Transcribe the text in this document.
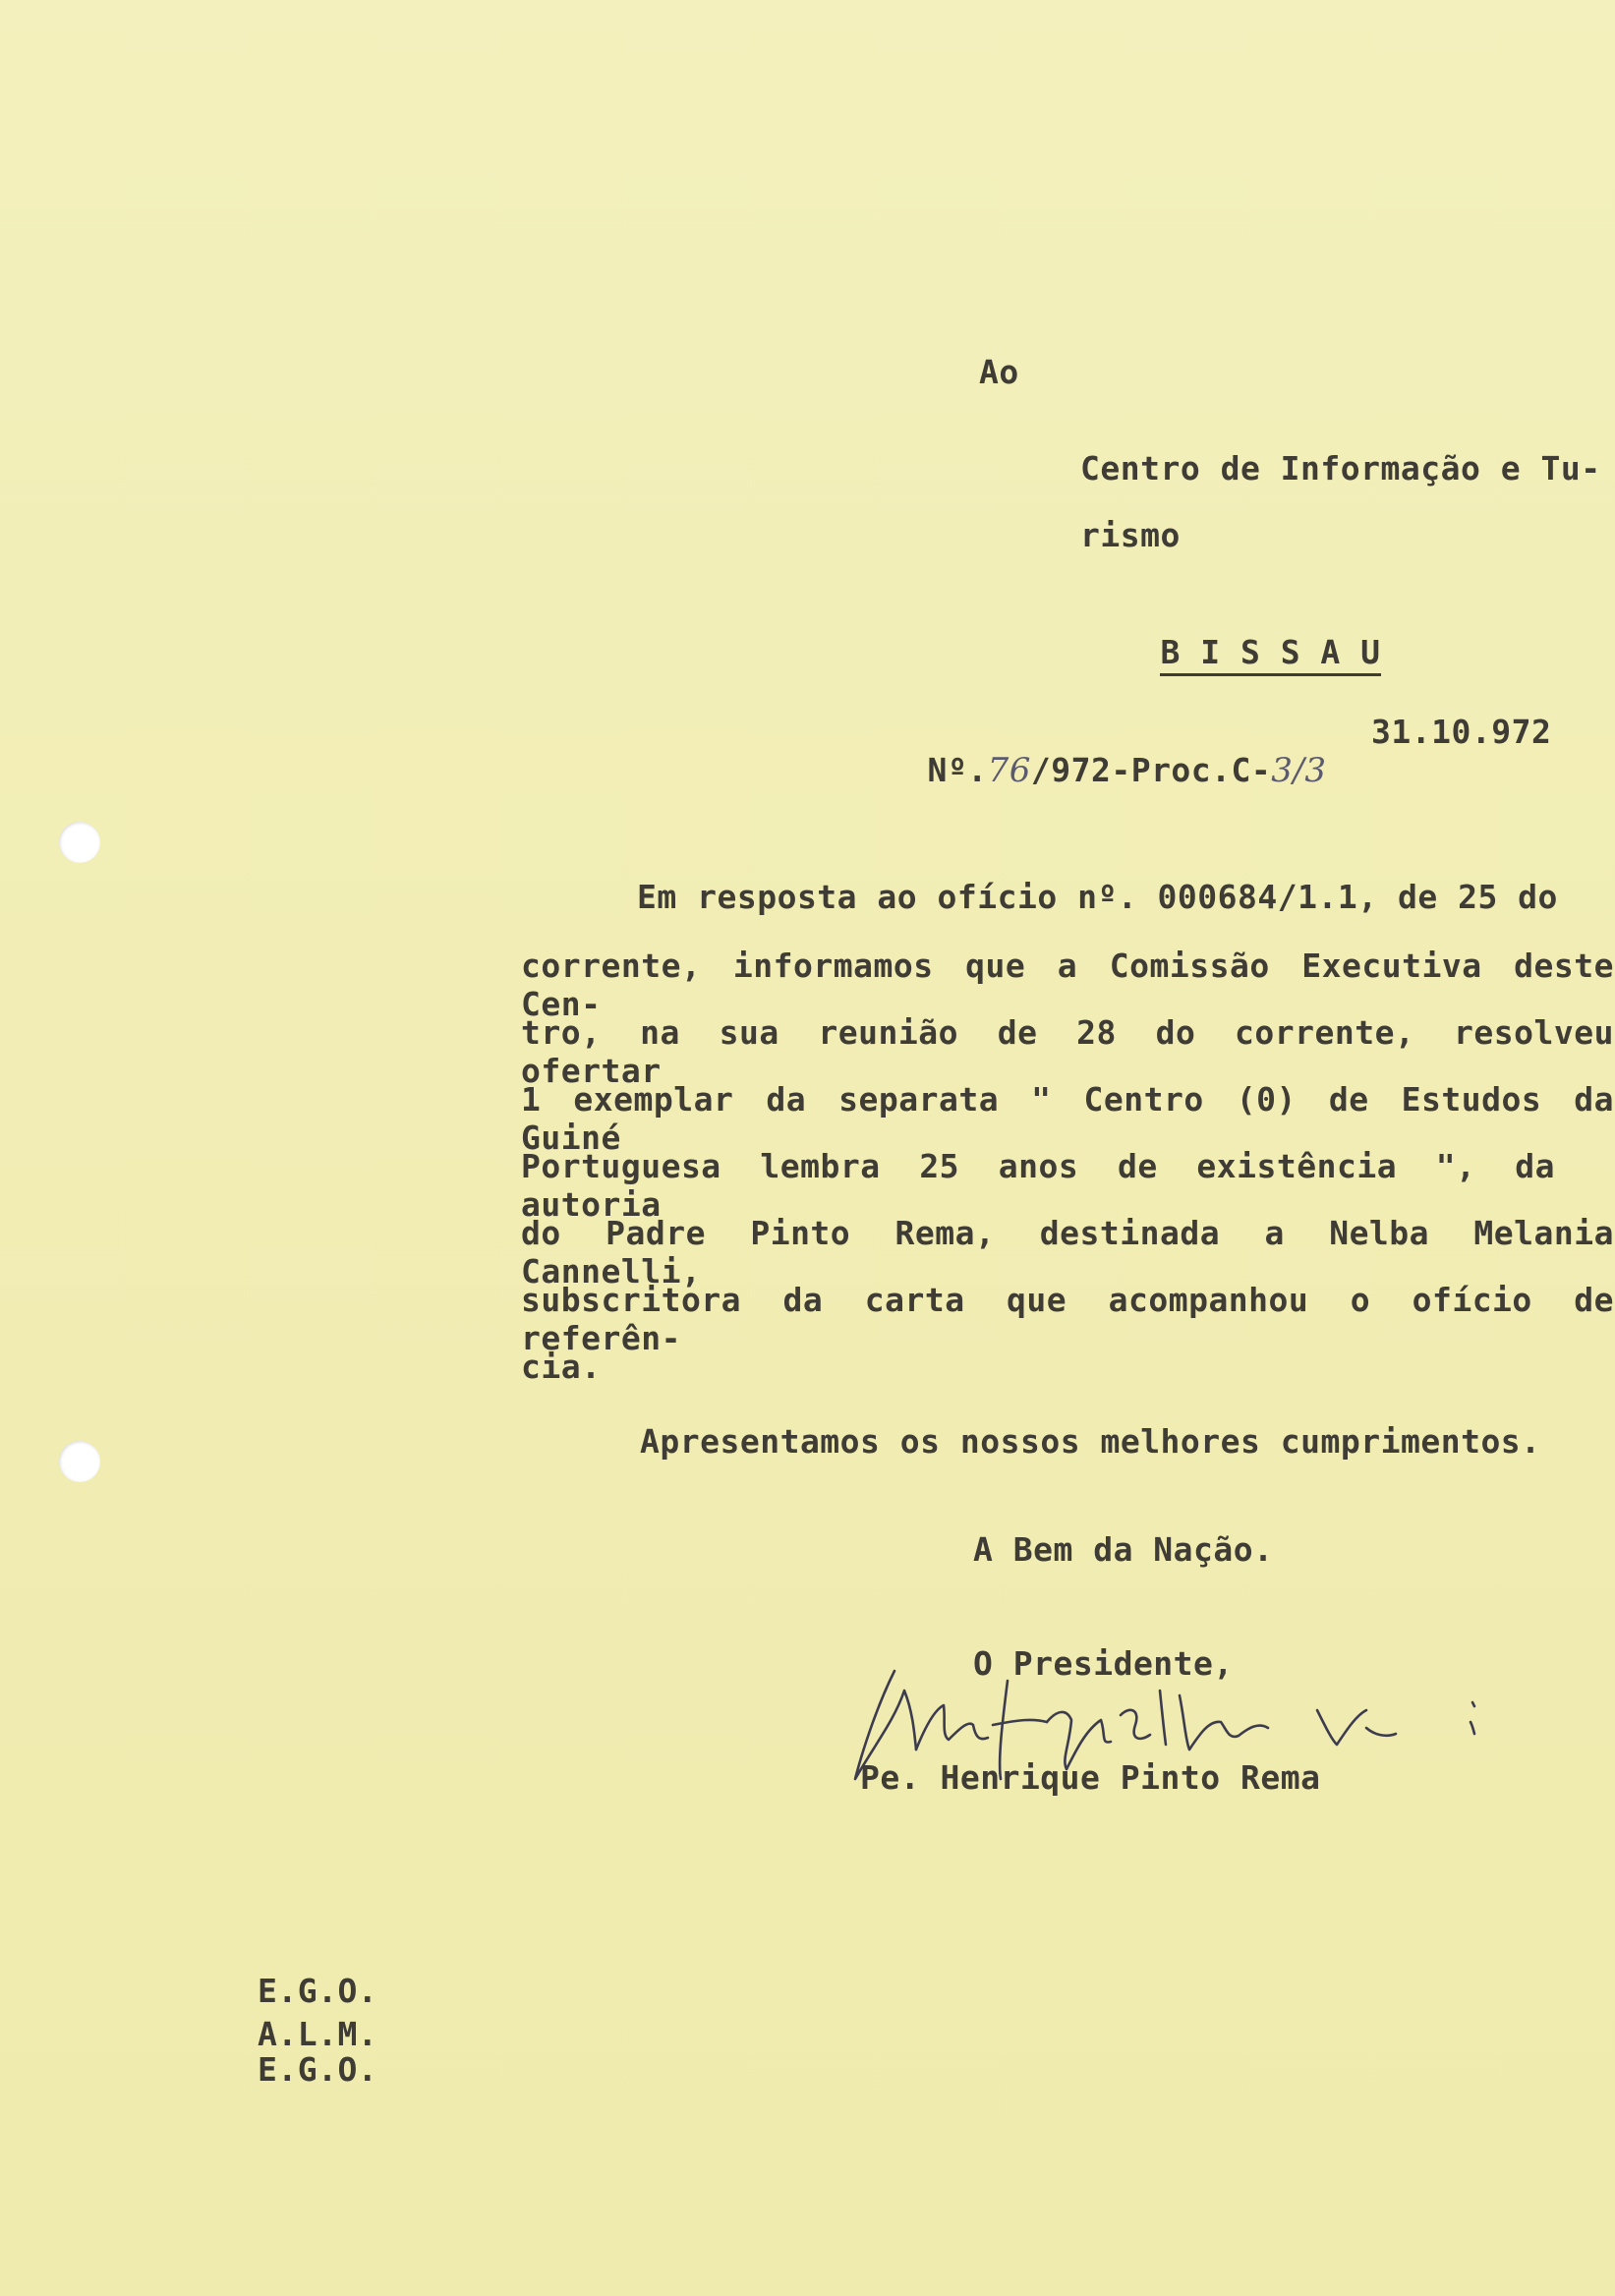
Ao
Centro de Informação e Tu-
rismo

B I S S A U

Nº.76/972-Proc.C-3/3

31.10.972
Em resposta ao ofício nº. 000684/1.1, de 25 do
corrente, informamos que a Comissão Executiva deste Cen-
tro, na sua reunião de 28 do corrente, resolveu ofertar
1 exemplar da separata " Centro (0) de Estudos da Guiné
Portuguesa lembra 25 anos de existência ", da autoria
do Padre Pinto Rema, destinada a Nelba Melania Cannelli,
subscritora da carta que acompanhou o ofício de referên-
cia.
Apresentamos os nossos melhores cumprimentos.
A Bem da Nação.
O Presidente,
Pe. Henrique Pinto Rema
E.G.O.
A.L.M.
E.G.O.
